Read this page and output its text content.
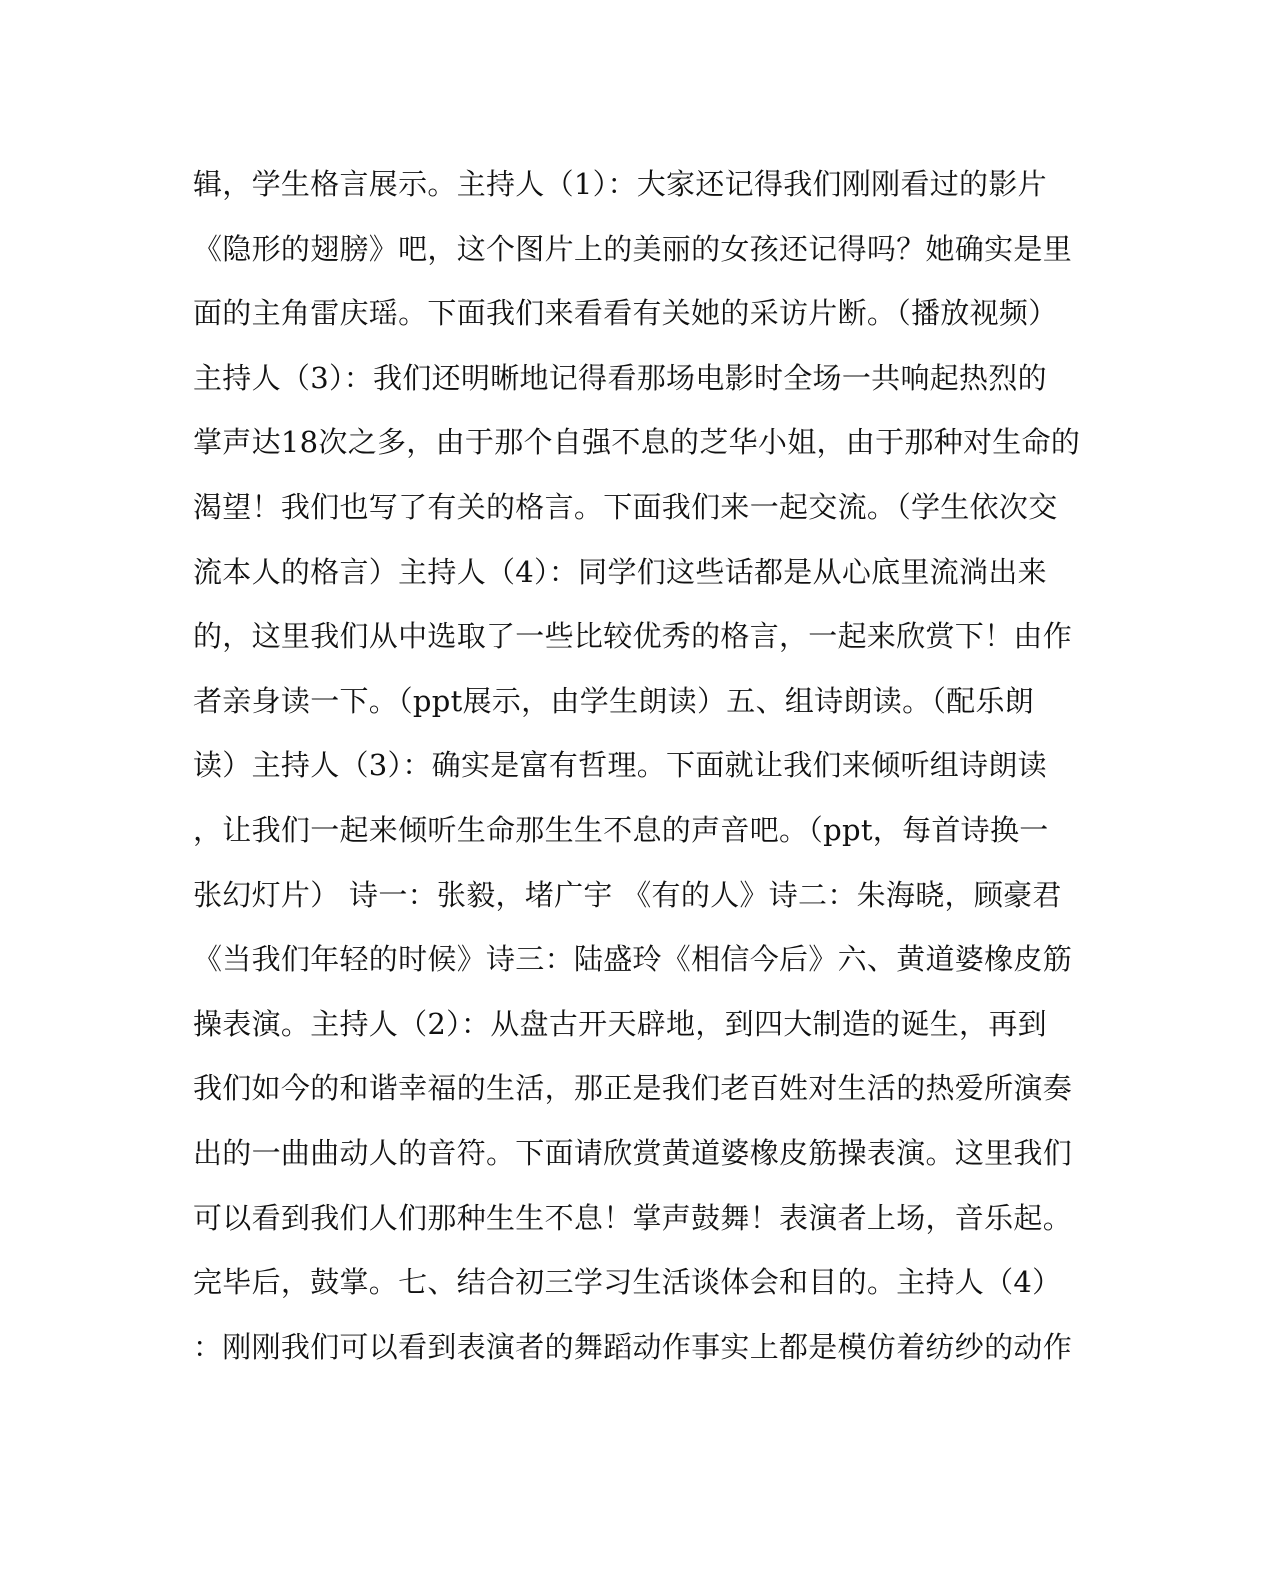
辑，学生格言展示。主持人（1）：大家还记得我们刚刚看过的影片
《隐形的翅膀》吧，这个图片上的美丽的女孩还记得吗？她确实是里
面的主角雷庆瑶。下面我们来看看有关她的采访片断。（播放视频）
主持人（3）：我们还明晰地记得看那场电影时全场一共响起热烈的
掌声达18次之多，由于那个自强不息的芝华小姐，由于那种对生命的
渴望！我们也写了有关的格言。下面我们来一起交流。（学生依次交
流本人的格言）主持人（4）：同学们这些话都是从心底里流淌出来
的，这里我们从中选取了一些比较优秀的格言，一起来欣赏下！由作
者亲身读一下。（ppt展示，由学生朗读）五、组诗朗读。（配乐朗
读）主持人（3）：确实是富有哲理。下面就让我们来倾听组诗朗读
，让我们一起来倾听生命那生生不息的声音吧。（ppt，每首诗换一
张幻灯片） 诗一：张毅，堵广宇 《有的人》诗二：朱海晓，顾豪君
《当我们年轻的时候》诗三：陆盛玲《相信今后》六、黄道婆橡皮筋
操表演。主持人（2）：从盘古开天辟地，到四大制造的诞生，再到
我们如今的和谐幸福的生活，那正是我们老百姓对生活的热爱所演奏
出的一曲曲动人的音符。下面请欣赏黄道婆橡皮筋操表演。这里我们
可以看到我们人们那种生生不息！掌声鼓舞！表演者上场，音乐起。
完毕后，鼓掌。七、结合初三学习生活谈体会和目的。主持人（4）
：刚刚我们可以看到表演者的舞蹈动作事实上都是模仿着纺纱的动作
